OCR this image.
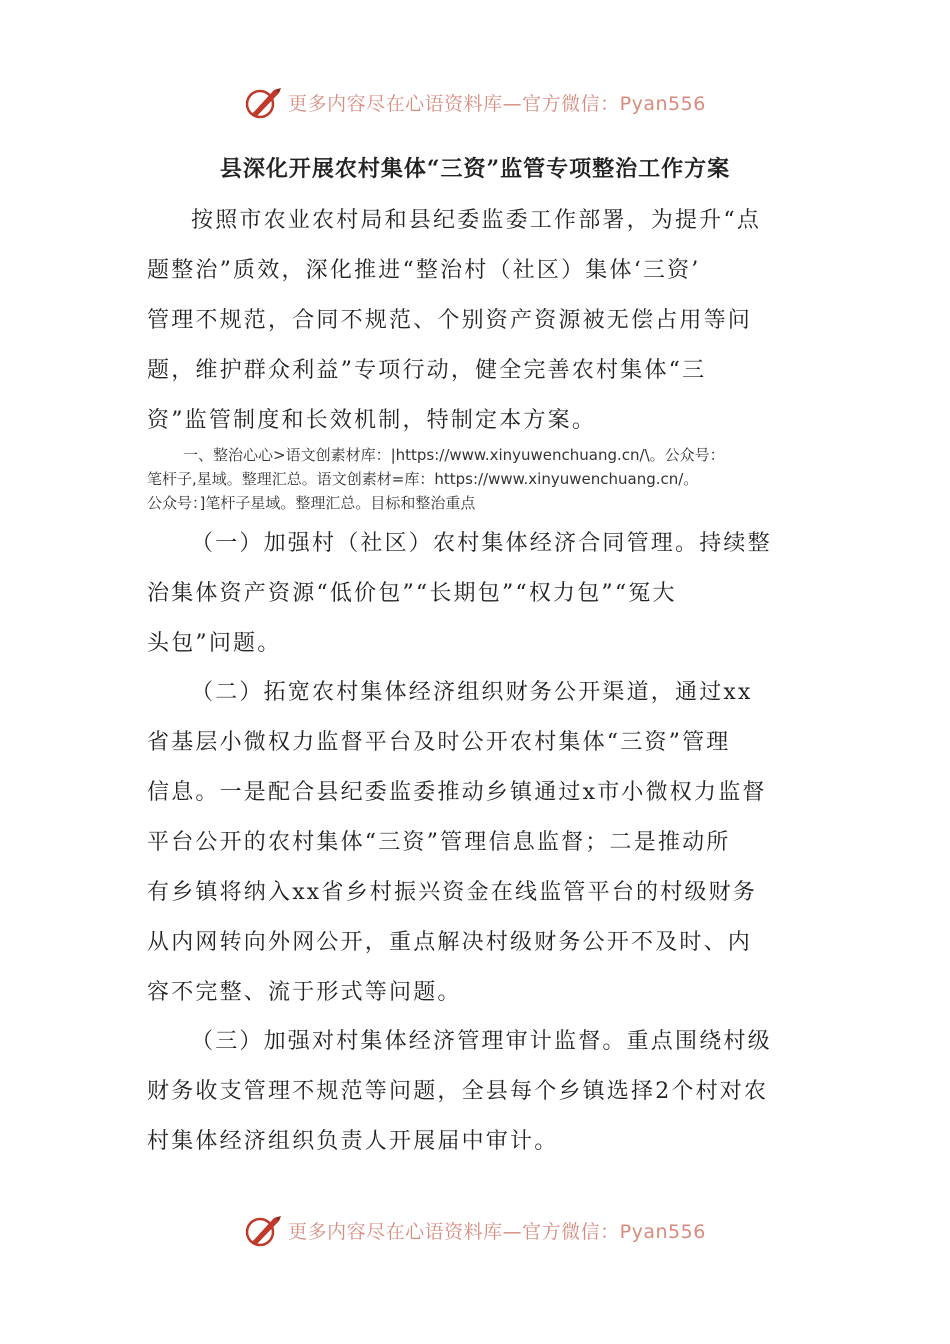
更多内容尽在心语资料库—官方微信：Pyan556
县深化开展农村集体“三资”监管专项整治工作方案
按照市农业农村局和县纪委监委工作部署，为提升“点
题整治”质效，深化推进“整治村（社区）集体‘三资’
管理不规范，合同不规范、个别资产资源被无偿占用等问
题，维护群众利益”专项行动，健全完善农村集体“三
资”监管制度和长效机制，特制定本方案。
一、整治心心>语文创素材库：|https://www.xinyuwenchuang.cn/\。公众号：
笔杆子,星域。整理汇总。语文创素材=库：https://www.xinyuwenchuang.cn/。
公众号：]笔杆子星域。整理汇总。目标和整治重点
（一）加强村（社区）农村集体经济合同管理。持续整
治集体资产资源“低价包”“长期包”“权力包”“冤大
头包”问题。
（二）拓宽农村集体经济组织财务公开渠道，通过xx
省基层小微权力监督平台及时公开农村集体“三资”管理
信息。一是配合县纪委监委推动乡镇通过x市小微权力监督
平台公开的农村集体“三资”管理信息监督；二是推动所
有乡镇将纳入xx省乡村振兴资金在线监管平台的村级财务
从内网转向外网公开，重点解决村级财务公开不及时、内
容不完整、流于形式等问题。
（三）加强对村集体经济管理审计监督。重点围绕村级
财务收支管理不规范等问题，全县每个乡镇选择2个村对农
村集体经济组织负责人开展届中审计。
更多内容尽在心语资料库—官方微信：Pyan556
